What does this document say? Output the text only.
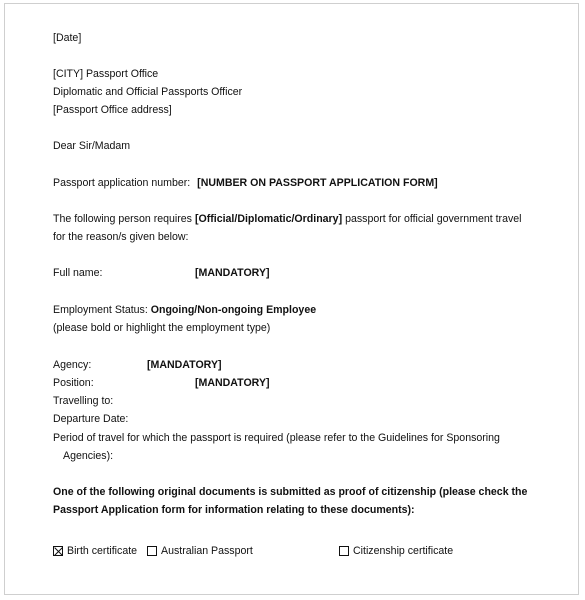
[Date]
[CITY] Passport Office
Diplomatic and Official Passports Officer
[Passport Office address]
Dear Sir/Madam
Passport application number: [NUMBER ON PASSPORT APPLICATION FORM]
The following person requires [Official/Diplomatic/Ordinary] passport for official government travel
for the reason/s given below:
Full name:	[MANDATORY]
Employment Status: Ongoing/Non-ongoing Employee
(please bold or highlight the employment type)
Agency:	[MANDATORY]
Position:	[MANDATORY]
Travelling to:
Departure Date:
Period of travel for which the passport is required (please refer to the Guidelines for Sponsoring
Agencies):
One of the following original documents is submitted as proof of citizenship (please check the
Passport Application form for information relating to these documents):
Birth certificate Australian Passport	Citizenship certificate
